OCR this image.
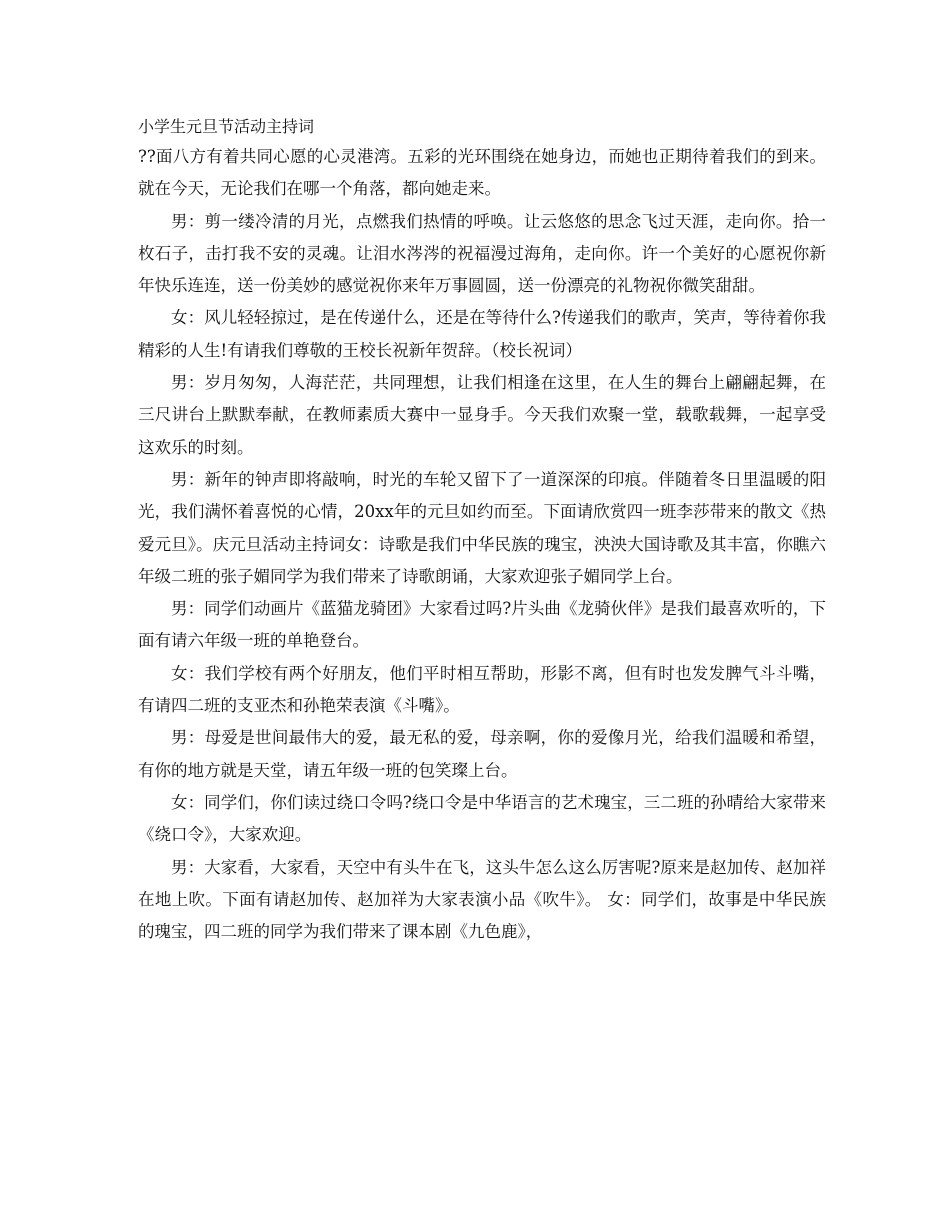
小学生元旦节活动主持词

??面八方有着共同心愿的心灵港湾。五彩的光环围绕在她身边，而她也正期待着我们的到来。就在今天，无论我们在哪一个角落，都向她走来。

男：剪一缕冷清的月光，点燃我们热情的呼唤。让云悠悠的思念飞过天涯，走向你。拾一枚石子，击打我不安的灵魂。让泪水涔涔的祝福漫过海角，走向你。许一个美好的心愿祝你新年快乐连连，送一份美妙的感觉祝你来年万事圆圆，送一份漂亮的礼物祝你微笑甜甜。

女：风儿轻轻掠过，是在传递什么，还是在等待什么?传递我们的歌声，笑声，等待着你我精彩的人生!有请我们尊敬的王校长祝新年贺辞。（校长祝词）

男：岁月匆匆，人海茫茫，共同理想，让我们相逢在这里，在人生的舞台上翩翩起舞，在三尺讲台上默默奉献，在教师素质大赛中一显身手。今天我们欢聚一堂，载歌载舞，一起享受这欢乐的时刻。

男：新年的钟声即将敲响，时光的车轮又留下了一道深深的印痕。伴随着冬日里温暖的阳光，我们满怀着喜悦的心情，20xx年的元旦如约而至。下面请欣赏四一班李莎带来的散文《热爱元旦》。庆元旦活动主持词女：诗歌是我们中华民族的瑰宝，泱泱大国诗歌及其丰富，你瞧六年级二班的张子媚同学为我们带来了诗歌朗诵，大家欢迎张子媚同学上台。

男：同学们动画片《蓝猫龙骑团》大家看过吗?片头曲《龙骑伙伴》是我们最喜欢听的，下面有请六年级一班的单艳登台。

女：我们学校有两个好朋友，他们平时相互帮助，形影不离，但有时也发发脾气斗斗嘴，有请四二班的支亚杰和孙艳荣表演《斗嘴》。

男：母爱是世间最伟大的爱，最无私的爱，母亲啊，你的爱像月光，给我们温暖和希望，有你的地方就是天堂，请五年级一班的包笑璨上台。

女：同学们，你们读过绕口令吗?绕口令是中华语言的艺术瑰宝，三二班的孙晴给大家带来《绕口令》，大家欢迎。

男：大家看，大家看，天空中有头牛在飞，这头牛怎么这么厉害呢?原来是赵加传、赵加祥在地上吹。下面有请赵加传、赵加祥为大家表演小品《吹牛》。 女：同学们，故事是中华民族的瑰宝，四二班的同学为我们带来了课本剧《九色鹿》，
